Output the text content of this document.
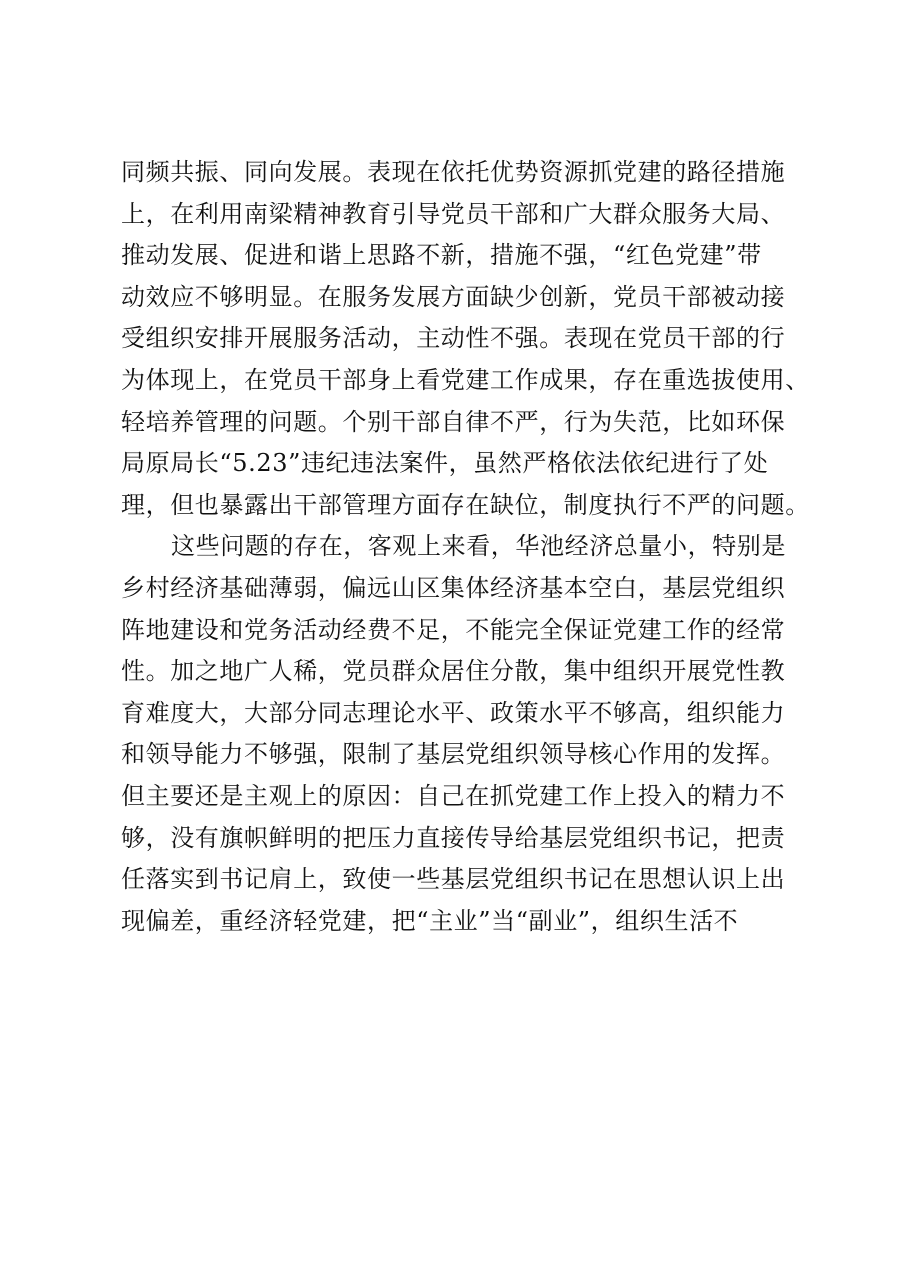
同频共振、同向发展。表现在依托优势资源抓党建的路径措施
上，在利用南梁精神教育引导党员干部和广大群众服务大局、
推动发展、促进和谐上思路不新，措施不强，“红色党建”带
动效应不够明显。在服务发展方面缺少创新，党员干部被动接
受组织安排开展服务活动，主动性不强。表现在党员干部的行
为体现上，在党员干部身上看党建工作成果，存在重选拔使用、
轻培养管理的问题。个别干部自律不严，行为失范，比如环保
局原局长“5.23”违纪违法案件，虽然严格依法依纪进行了处
理，但也暴露出干部管理方面存在缺位，制度执行不严的问题。
这些问题的存在，客观上来看，华池经济总量小，特别是
乡村经济基础薄弱，偏远山区集体经济基本空白，基层党组织
阵地建设和党务活动经费不足，不能完全保证党建工作的经常
性。加之地广人稀，党员群众居住分散，集中组织开展党性教
育难度大，大部分同志理论水平、政策水平不够高，组织能力
和领导能力不够强，限制了基层党组织领导核心作用的发挥。
但主要还是主观上的原因：自己在抓党建工作上投入的精力不
够，没有旗帜鲜明的把压力直接传导给基层党组织书记，把责
任落实到书记肩上，致使一些基层党组织书记在思想认识上出
现偏差，重经济轻党建，把“主业”当“副业”，组织生活不
